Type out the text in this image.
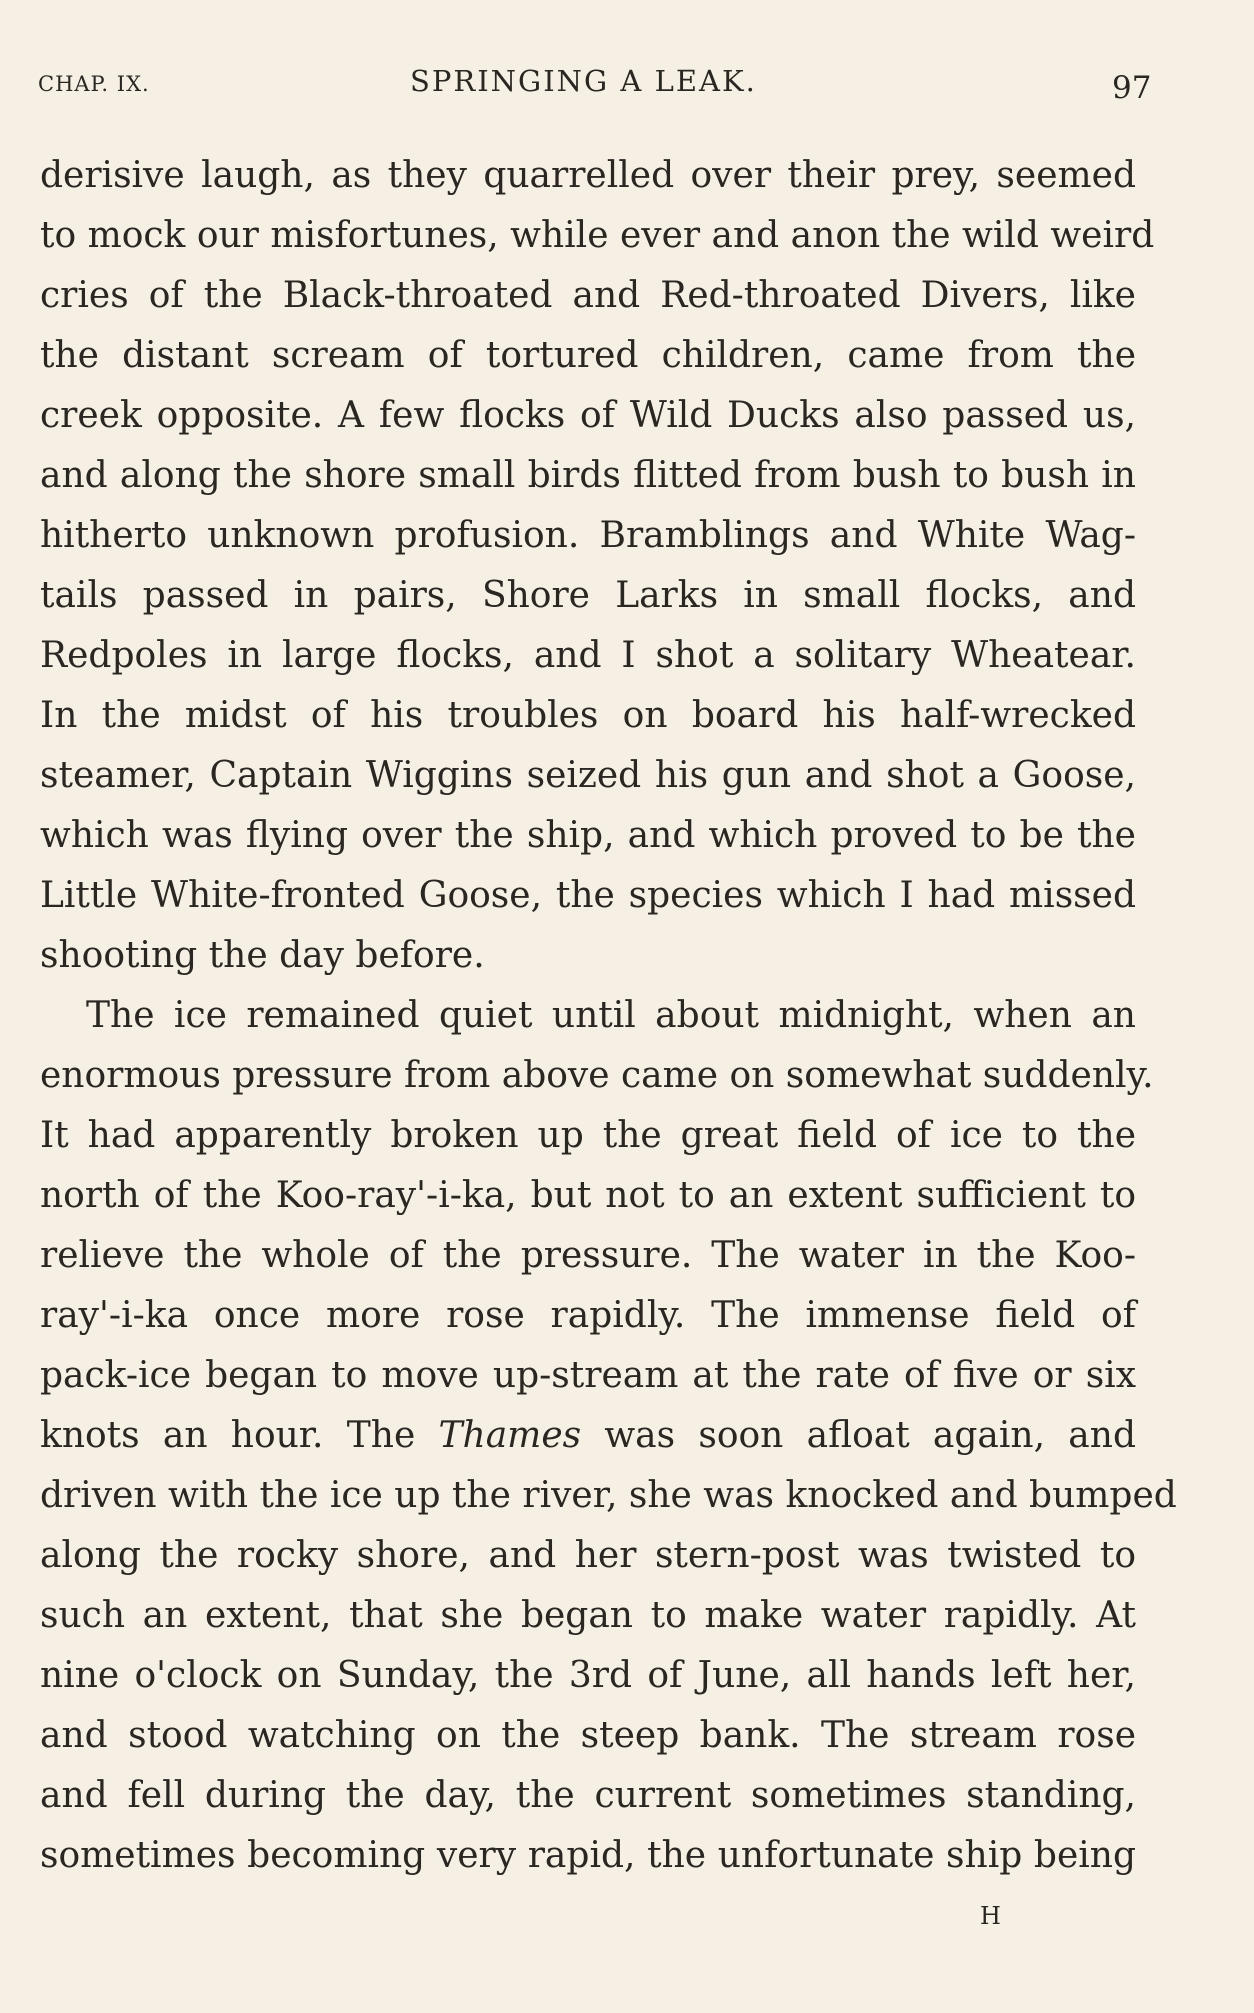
CHAP. IX.	SPRINGING A LEAK.	97
derisive laugh, as they quarrelled over their prey, seemed
to mock our misfortunes, while ever and anon the wild weird
cries of the Black-throated and Red-throated Divers, like
the distant scream of tortured children, came from the
creek opposite. A few flocks of Wild Ducks also passed us,
and along the shore small birds flitted from bush to bush in
hitherto unknown profusion. Bramblings and White Wag-
tails passed in pairs, Shore Larks in small flocks, and
Redpoles in large flocks, and I shot a solitary Wheatear.
In the midst of his troubles on board his half-wrecked
steamer, Captain Wiggins seized his gun and shot a Goose,
which was flying over the ship, and which proved to be the
Little White-fronted Goose, the species which I had missed
shooting the day before.
The ice remained quiet until about midnight, when an
enormous pressure from above came on somewhat suddenly.
It had apparently broken up the great field of ice to the
north of the Koo-ray'-i-ka, but not to an extent sufficient to
relieve the whole of the pressure. The water in the Koo-
ray'-i-ka once more rose rapidly. The immense field of
pack-ice began to move up-stream at the rate of five or six
knots an hour. The Thames was soon afloat again, and
driven with the ice up the river, she was knocked and bumped
along the rocky shore, and her stern-post was twisted to
such an extent, that she began to make water rapidly. At
nine o'clock on Sunday, the 3rd of June, all hands left her,
and stood watching on the steep bank. The stream rose
and fell during the day, the current sometimes standing,
sometimes becoming very rapid, the unfortunate ship being
H
